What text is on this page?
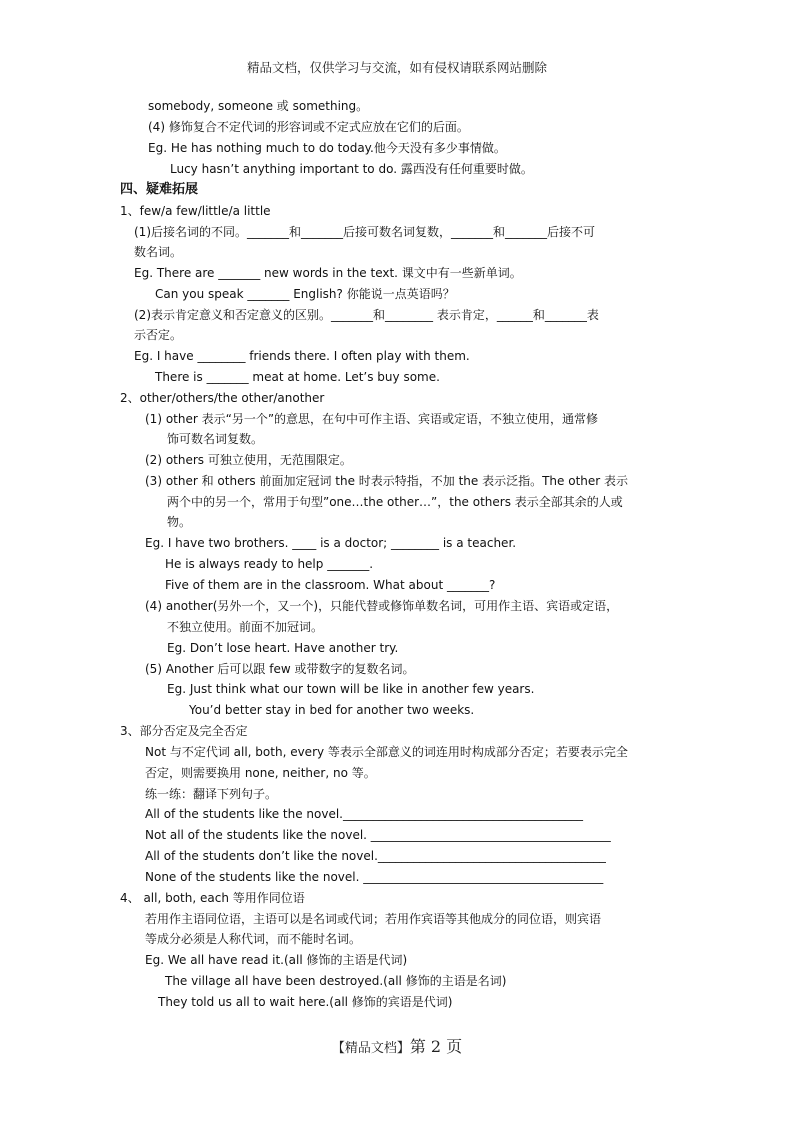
精品文档，仅供学习与交流，如有侵权请联系网站删除
somebody, someone 或 something。
(4) 修饰复合不定代词的形容词或不定式应放在它们的后面。
Eg. He has nothing much to do today.他今天没有多少事情做。
Lucy hasn’t anything important to do. 露西没有任何重要时做。
四、疑难拓展
1、few/a few/little/a little
(1)后接名词的不同。_______和_______后接可数名词复数，_______和_______后接不可
数名词。
Eg. There are _______ new words in the text. 课文中有一些新单词。
Can you speak _______ English? 你能说一点英语吗？
(2)表示肯定意义和否定意义的区别。_______和________ 表示肯定，______和_______表
示否定。
Eg. I have ________ friends there. I often play with them.
There is _______ meat at home. Let’s buy some.
2、other/others/the other/another
(1) other 表示“另一个”的意思，在句中可作主语、宾语或定语，不独立使用，通常修
饰可数名词复数。
(2) others 可独立使用，无范围限定。
(3) other 和 others 前面加定冠词 the 时表示特指，不加 the 表示泛指。The other 表示
两个中的另一个，常用于句型”one…the other…”，the others 表示全部其余的人或
物。
Eg. I have two brothers. ____ is a doctor; ________ is a teacher.
He is always ready to help _______.
Five of them are in the classroom. What about _______?
(4) another(另外一个，又一个)，只能代替或修饰单数名词，可用作主语、宾语或定语，
不独立使用。前面不加冠词。
Eg. Don’t lose heart. Have another try.
(5) Another 后可以跟 few 或带数字的复数名词。
Eg. Just think what our town will be like in another few years.
You’d better stay in bed for another two weeks.
3、部分否定及完全否定
Not 与不定代词 all, both, every 等表示全部意义的词连用时构成部分否定；若要表示完全
否定，则需要换用 none, neither, no 等。
练一练：翻译下列句子。
All of the students like the novel.________________________________________
Not all of the students like the novel. ________________________________________
All of the students don’t like the novel.______________________________________
None of the students like the novel. ________________________________________
4、 all, both, each 等用作同位语
若用作主语同位语，主语可以是名词或代词；若用作宾语等其他成分的同位语，则宾语
等成分必须是人称代词，而不能时名词。
Eg. We all have read it.(all 修饰的主语是代词)
The village all have been destroyed.(all 修饰的主语是名词)
They told us all to wait here.(all 修饰的宾语是代词)
【精品文档】第 2 页
